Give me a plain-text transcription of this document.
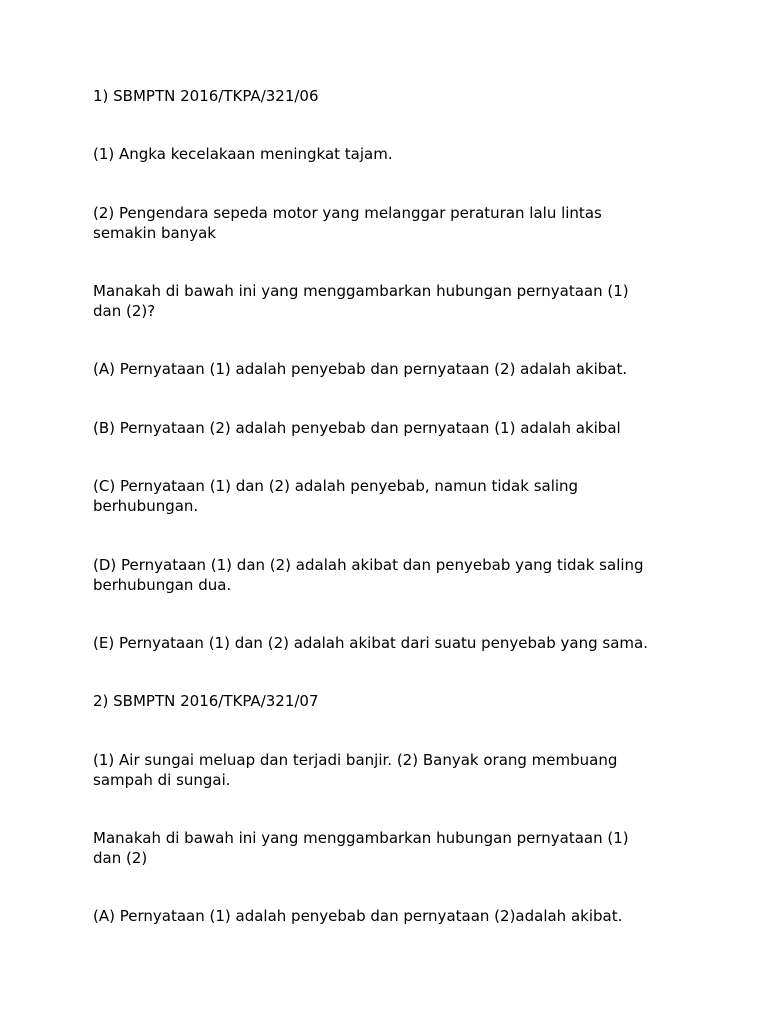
1) SBMPTN 2016/TKPA/321/06

(1) Angka kecelakaan meningkat tajam.

(2) Pengendara sepeda motor yang melanggar peraturan lalu lintas
semakin banyak

Manakah di bawah ini yang menggambarkan hubungan pernyataan (1)
dan (2)?

(A) Pernyataan (1) adalah penyebab dan pernyataan (2) adalah akibat.

(B) Pernyataan (2) adalah penyebab dan pernyataan (1) adalah akibal

(C) Pernyataan (1) dan (2) adalah penyebab, namun tidak saling
berhubungan.

(D) Pernyataan (1) dan (2) adalah akibat dan penyebab yang tidak saling
berhubungan dua.

(E) Pernyataan (1) dan (2) adalah akibat dari suatu penyebab yang sama.

2) SBMPTN 2016/TKPA/321/07

(1) Air sungai meluap dan terjadi banjir. (2) Banyak orang membuang
sampah di sungai.

Manakah di bawah ini yang menggambarkan hubungan pernyataan (1)
dan (2)

(A) Pernyataan (1) adalah penyebab dan pernyataan (2)adalah akibat.
